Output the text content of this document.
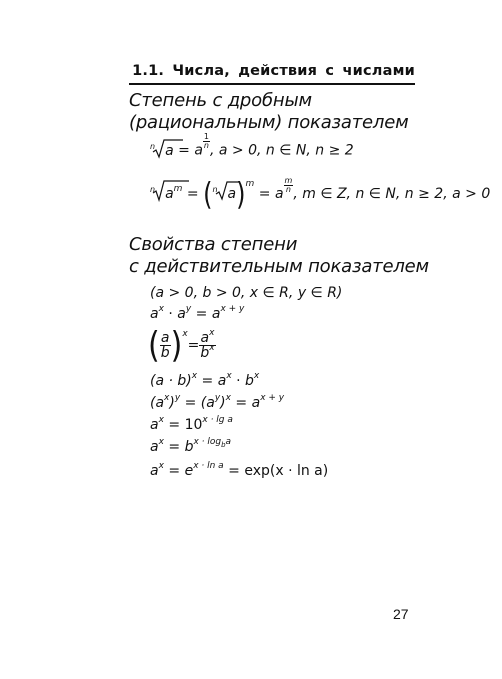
1.1. Числа, действия с числами
Степень с дробным
(рациональным) показателем
$^n$ a = a
$\frac{1}{n}$
, a > 0, n ∈ N, n ≥ 2
$^n$ $a^m = (^n$ a)$^m$ = a
$\frac{m}{n}$
, m ∈ Z, n ∈ N, n ≥ 2, a > 0
Свойства степени
с действительным показателем
(a > 0, b > 0, x ∈ R, y ∈ R)
$a^x \cdot a^y = a^{x + y}$
( $\frac{a}{b} )^x= \frac{a^x}{b^x}$
$(a \cdot b)^x = a^x \cdot b^x$
$(a^x)^y = (a^y)^x = a^{x + y}$
$a^x = 10^{x \cdot lg a}$
$a^x = b^{x \cdot log_ba}$
$a^x = e^{x \cdot ln a} = \exp(x \cdot \ln a)$
27
